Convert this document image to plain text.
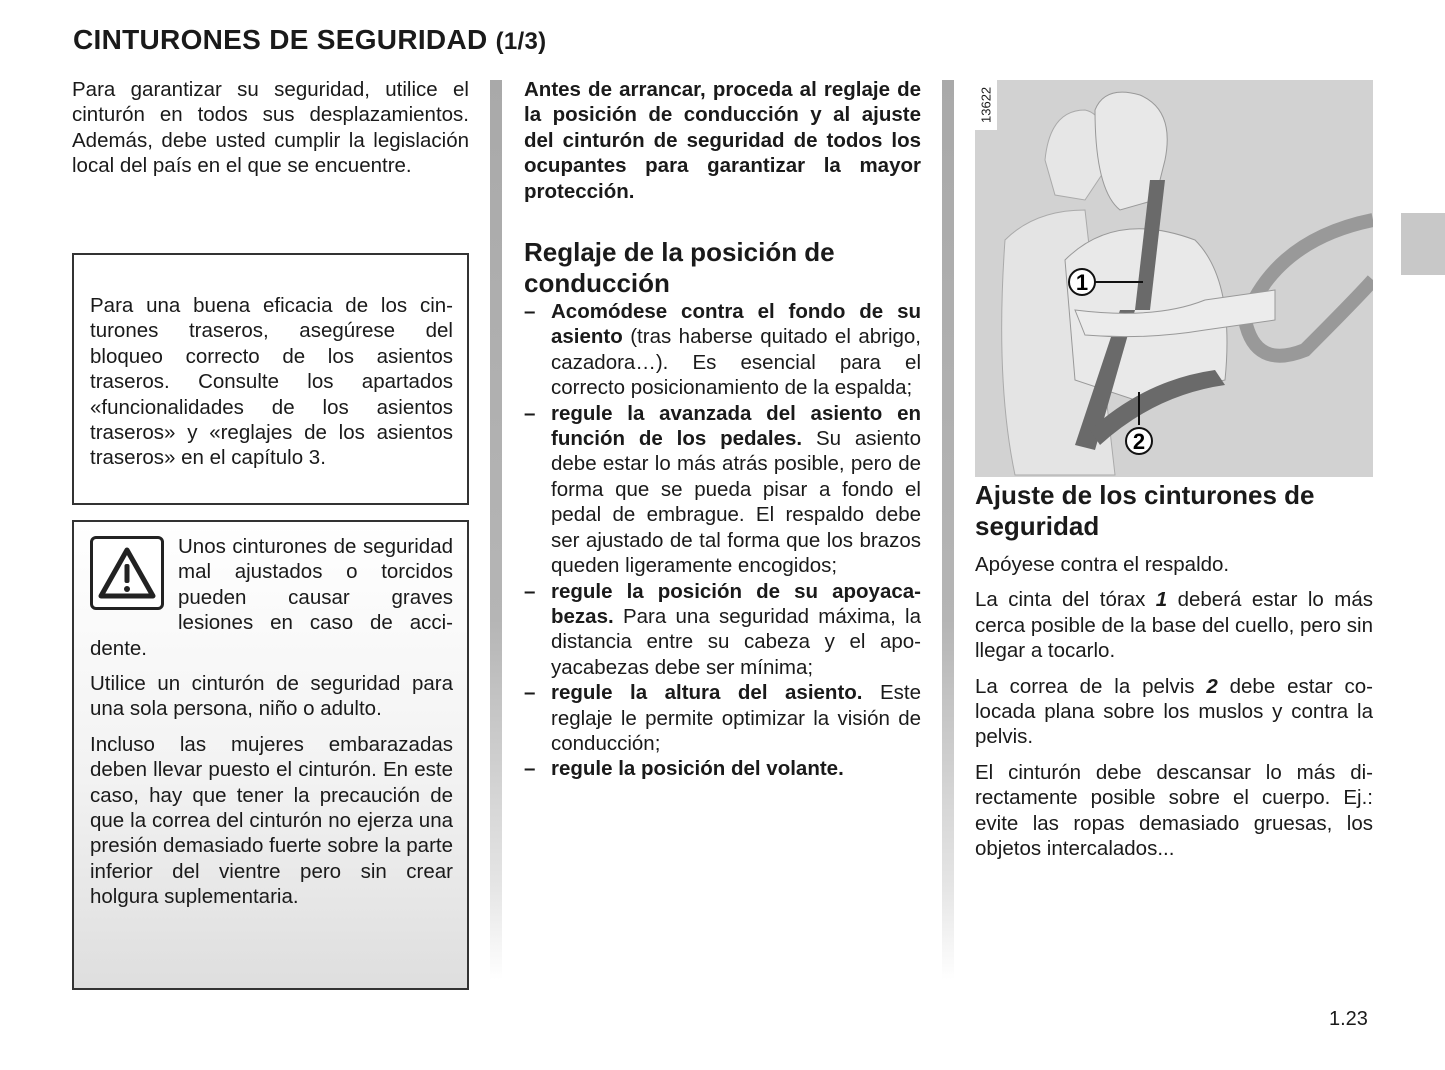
CINTURONES DE SEGURIDAD (1/3)

Para garantizar su seguridad, utilice el cinturón en todos sus desplazamientos. Además, debe usted cumplir la legislación local del país en el que se encuentre.

Para una buena eficacia de los cinturones traseros, asegúrese del bloqueo correcto de los asientos traseros. Consulte los apartados «funcionalidades de los asientos traseros» y «reglajes de los asientos traseros» en el capítulo 3.

Unos cinturones de seguridad mal ajustados o torcidos pueden causar graves lesiones en caso de accidente.

Utilice un cinturón de seguridad para una sola persona, niño o adulto.

Incluso las mujeres embarazadas deben llevar puesto el cinturón. En este caso, hay que tener la precaución de que la correa del cinturón no ejerza una presión demasiado fuerte sobre la parte inferior del vientre pero sin crear holgura suplementaria.

Antes de arrancar, proceda al reglaje de la posición de conducción y al ajuste del cinturón de seguridad de todos los ocupantes para garantizar la mayor protección.

Reglaje de la posición de conducción
– Acomódese contra el fondo de su asiento (tras haberse quitado el abrigo, cazadora…). Es esencial para el correcto posicionamiento de la espalda;
– regule la avanzada del asiento en función de los pedales. Su asiento debe estar lo más atrás posible, pero de forma que se pueda pisar a fondo el pedal de embrague. El respaldo debe ser ajustado de tal forma que los brazos queden ligeramente encogidos;
– regule la posición de su apoyacabezas. Para una seguridad máxima, la distancia entre su cabeza y el apoyacabezas debe ser mínima;
– regule la altura del asiento. Este reglaje le permite optimizar la visión de conducción;
– regule la posición del volante.
1
2
13622
Ajuste de los cinturones de seguridad

Apóyese contra el respaldo.

La cinta del tórax 1 deberá estar lo más cerca posible de la base del cuello, pero sin llegar a tocarlo.

La correa de la pelvis 2 debe estar colocada plana sobre los muslos y contra la pelvis.

El cinturón debe descansar lo más directamente posible sobre el cuerpo. Ej.: evite las ropas demasiado gruesas, los objetos intercalados...

1.23
